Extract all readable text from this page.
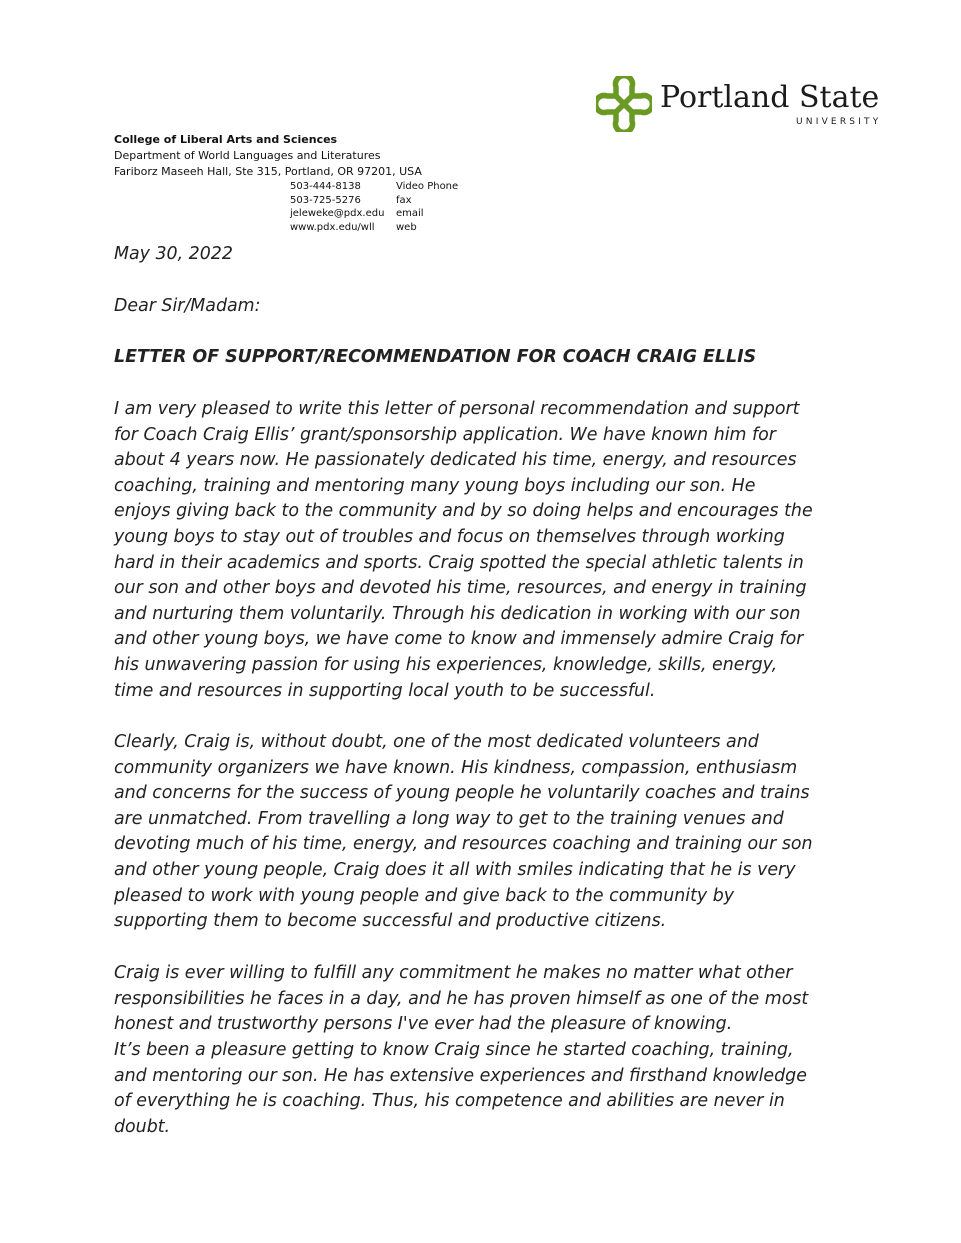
Portland State
UNIVERSITY
College of Liberal Arts and Sciences
Department of World Languages and Literatures
Fariborz Maseeh Hall, Ste 315, Portland, OR 97201, USA
503-444-8138	Video Phone
503-725-5276	fax
jeleweke@pdx.edu	email
www.pdx.edu/wll	web

May 30, 2022

Dear Sir/Madam:

LETTER OF SUPPORT/RECOMMENDATION FOR COACH CRAIG ELLIS

I am very pleased to write this letter of personal recommendation and support for Coach Craig Ellis’ grant/sponsorship application. We have known him for about 4 years now. He passionately dedicated his time, energy, and resources coaching, training and mentoring many young boys including our son. He enjoys giving back to the community and by so doing helps and encourages the young boys to stay out of troubles and focus on themselves through working hard in their academics and sports. Craig spotted the special athletic talents in our son and other boys and devoted his time, resources, and energy in training and nurturing them voluntarily. Through his dedication in working with our son and other young boys, we have come to know and immensely admire Craig for his unwavering passion for using his experiences, knowledge, skills, energy, time and resources in supporting local youth to be successful.

Clearly, Craig is, without doubt, one of the most dedicated volunteers and community organizers we have known. His kindness, compassion, enthusiasm and concerns for the success of young people he voluntarily coaches and trains are unmatched. From travelling a long way to get to the training venues and devoting much of his time, energy, and resources coaching and training our son and other young people, Craig does it all with smiles indicating that he is very pleased to work with young people and give back to the community by supporting them to become successful and productive citizens.

Craig is ever willing to fulfill any commitment he makes no matter what other responsibilities he faces in a day, and he has proven himself as one of the most honest and trustworthy persons I've ever had the pleasure of knowing.

It’s been a pleasure getting to know Craig since he started coaching, training, and mentoring our son. He has extensive experiences and firsthand knowledge of everything he is coaching. Thus, his competence and abilities are never in doubt.
